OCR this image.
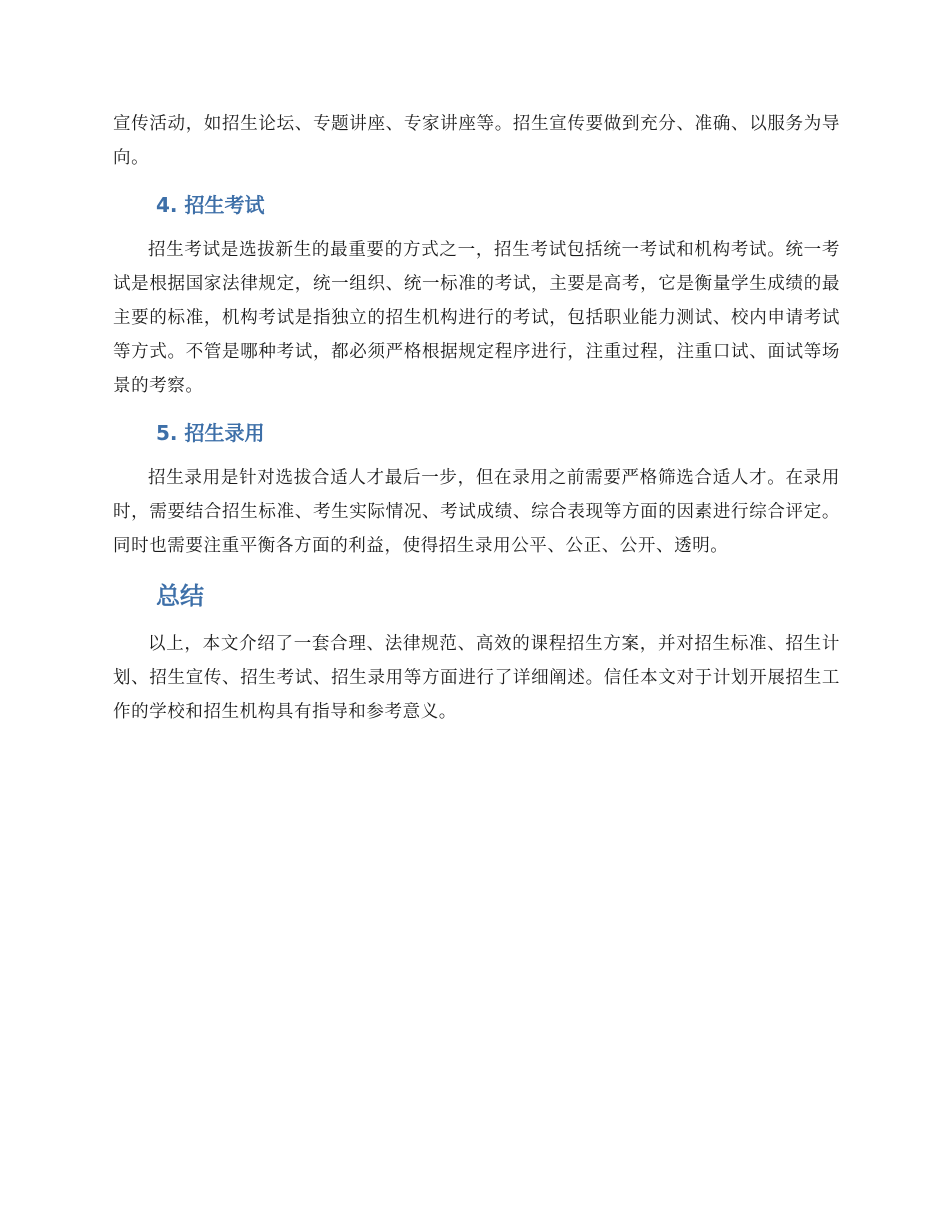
宣传活动，如招生论坛、专题讲座、专家讲座等。招生宣传要做到充分、准确、以服务为导向。

4. 招生考试

招生考试是选拔新生的最重要的方式之一，招生考试包括统一考试和机构考试。统一考试是根据国家法律规定，统一组织、统一标准的考试，主要是高考，它是衡量学生成绩的最主要的标准，机构考试是指独立的招生机构进行的考试，包括职业能力测试、校内申请考试等方式。不管是哪种考试，都必须严格根据规定程序进行，注重过程，注重口试、面试等场景的考察。

5. 招生录用

招生录用是针对选拔合适人才最后一步，但在录用之前需要严格筛选合适人才。在录用时，需要结合招生标准、考生实际情况、考试成绩、综合表现等方面的因素进行综合评定。同时也需要注重平衡各方面的利益，使得招生录用公平、公正、公开、透明。

总结

以上，本文介绍了一套合理、法律规范、高效的课程招生方案，并对招生标准、招生计划、招生宣传、招生考试、招生录用等方面进行了详细阐述。信任本文对于计划开展招生工作的学校和招生机构具有指导和参考意义。
